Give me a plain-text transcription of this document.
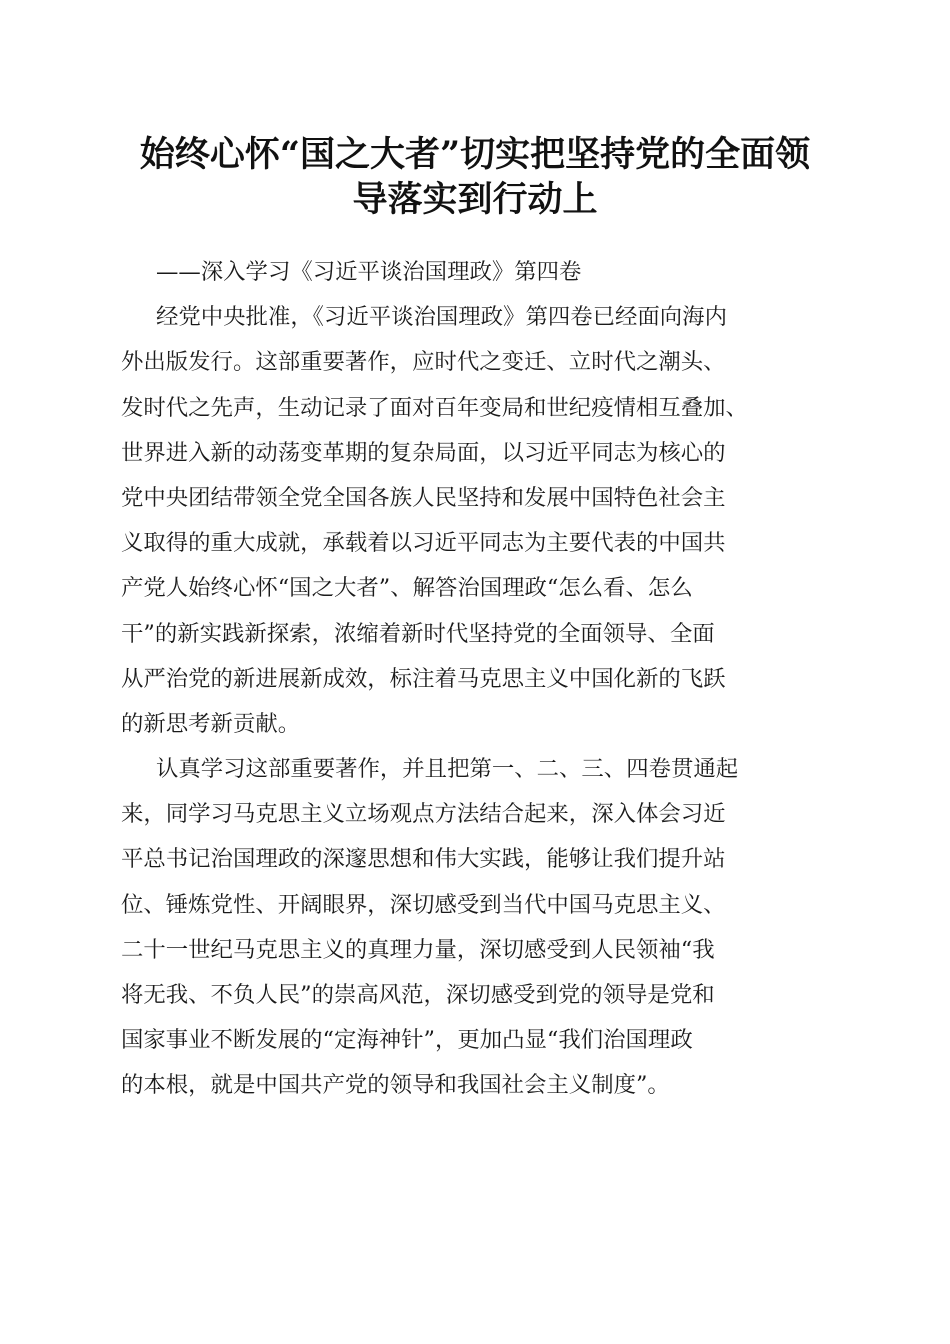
始终心怀“国之大者”切实把坚持党的全面领
导落实到行动上
——深入学习《习近平谈治国理政》第四卷
经党中央批准，《习近平谈治国理政》第四卷已经面向海内
外出版发行。这部重要著作，应时代之变迁、立时代之潮头、
发时代之先声，生动记录了面对百年变局和世纪疫情相互叠加、
世界进入新的动荡变革期的复杂局面，以习近平同志为核心的
党中央团结带领全党全国各族人民坚持和发展中国特色社会主
义取得的重大成就，承载着以习近平同志为主要代表的中国共
产党人始终心怀“国之大者”、解答治国理政“怎么看、怎么
干”的新实践新探索，浓缩着新时代坚持党的全面领导、全面
从严治党的新进展新成效，标注着马克思主义中国化新的飞跃
的新思考新贡献。
认真学习这部重要著作，并且把第一、二、三、四卷贯通起
来，同学习马克思主义立场观点方法结合起来，深入体会习近
平总书记治国理政的深邃思想和伟大实践，能够让我们提升站
位、锤炼党性、开阔眼界，深切感受到当代中国马克思主义、
二十一世纪马克思主义的真理力量，深切感受到人民领袖“我
将无我、不负人民”的崇高风范，深切感受到党的领导是党和
国家事业不断发展的“定海神针”，更加凸显“我们治国理政
的本根，就是中国共产党的领导和我国社会主义制度”。
